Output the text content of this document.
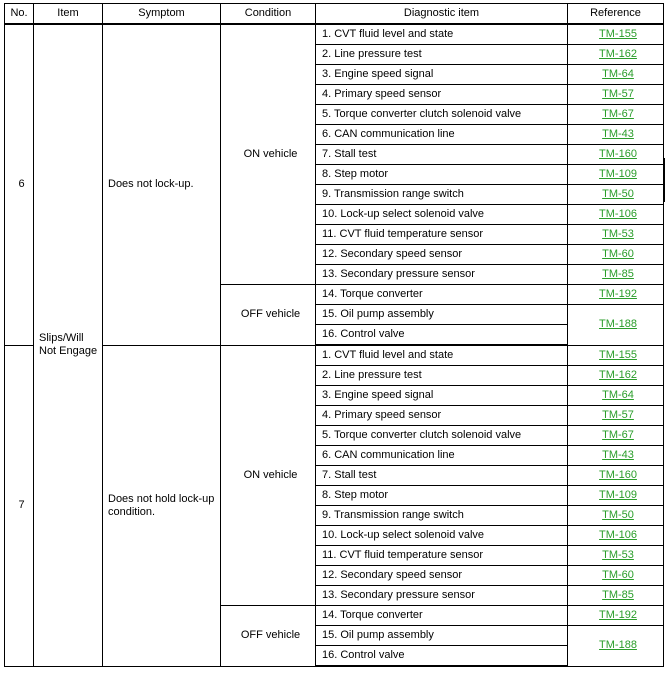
No.	Item	Symptom	Condition	Diagnostic item	Reference
6	Slips/Will Not Engage	Does not lock-up.	ON vehicle	1. CVT fluid level and state	TM-155
				2. Line pressure test	TM-162
				3. Engine speed signal	TM-64
				4. Primary speed sensor	TM-57
				5. Torque converter clutch solenoid valve	TM-67
				6. CAN communication line	TM-43
				7. Stall test	TM-160
				8. Step motor	TM-109
				9. Transmission range switch	TM-50
				10. Lock-up select solenoid valve	TM-106
				11. CVT fluid temperature sensor	TM-53
				12. Secondary speed sensor	TM-60
				13. Secondary pressure sensor	TM-85
			OFF vehicle	14. Torque converter	TM-192
				15. Oil pump assembly	TM-188
				16. Control valve	
7		Does not hold lock-up condition.	ON vehicle	1. CVT fluid level and state	TM-155
				2. Line pressure test	TM-162
				3. Engine speed signal	TM-64
				4. Primary speed sensor	TM-57
				5. Torque converter clutch solenoid valve	TM-67
				6. CAN communication line	TM-43
				7. Stall test	TM-160
				8. Step motor	TM-109
				9. Transmission range switch	TM-50
				10. Lock-up select solenoid valve	TM-106
				11. CVT fluid temperature sensor	TM-53
				12. Secondary speed sensor	TM-60
				13. Secondary pressure sensor	TM-85
			OFF vehicle	14. Torque converter	TM-192
				15. Oil pump assembly	TM-188
				16. Control valve	
